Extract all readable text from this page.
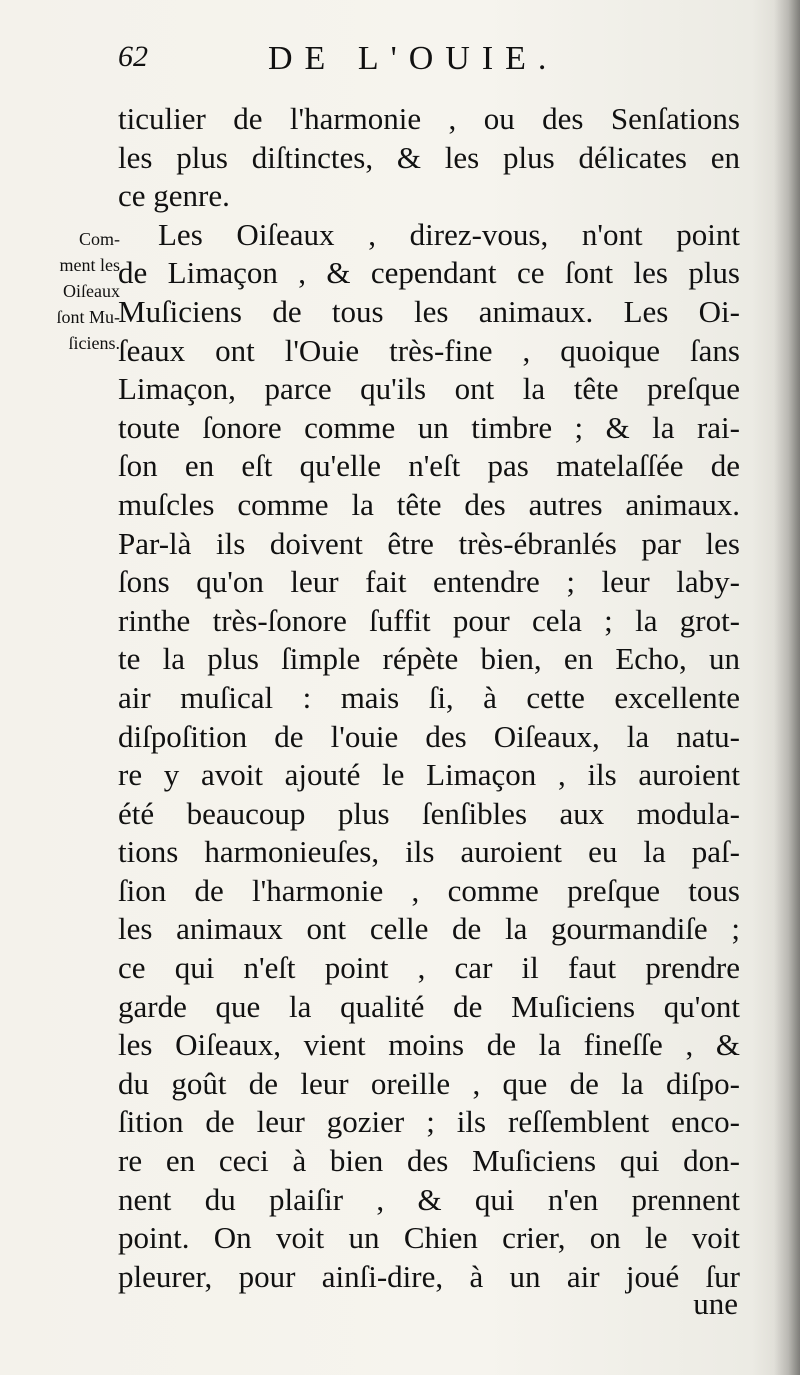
62	DE L'OUIE.
Com-
ment les
Oiſeaux
ſont Mu-
ſiciens.
ticulier de l'harmonie , ou des Senſations
les plus diſtinctes, & les plus délicates en
ce genre.
Les Oiſeaux , direz-vous, n'ont point
de Limaçon , & cependant ce ſont les plus
Muſiciens de tous les animaux. Les Oi-
ſeaux ont l'Ouie très-fine , quoique ſans
Limaçon, parce qu'ils ont la tête preſque
toute ſonore comme un timbre ; & la rai-
ſon en eſt qu'elle n'eſt pas matelaſſée de
muſcles comme la tête des autres animaux.
Par-là ils doivent être très-ébranlés par les
ſons qu'on leur fait entendre ; leur laby-
rinthe très-ſonore ſuffit pour cela ; la grot-
te la plus ſimple répète bien, en Echo, un
air muſical : mais ſi, à cette excellente
diſpoſition de l'ouie des Oiſeaux, la natu-
re y avoit ajouté le Limaçon , ils auroient
été beaucoup plus ſenſibles aux modula-
tions harmonieuſes, ils auroient eu la paſ-
ſion de l'harmonie , comme preſque tous
les animaux ont celle de la gourmandiſe ;
ce qui n'eſt point , car il faut prendre
garde que la qualité de Muſiciens qu'ont
les Oiſeaux, vient moins de la fineſſe , &
du goût de leur oreille , que de la diſpo-
ſition de leur gozier ; ils reſſemblent enco-
re en ceci à bien des Muſiciens qui don-
nent du plaiſir , & qui n'en prennent
point. On voit un Chien crier, on le voit
pleurer, pour ainſi-dire, à un air joué ſur
une
